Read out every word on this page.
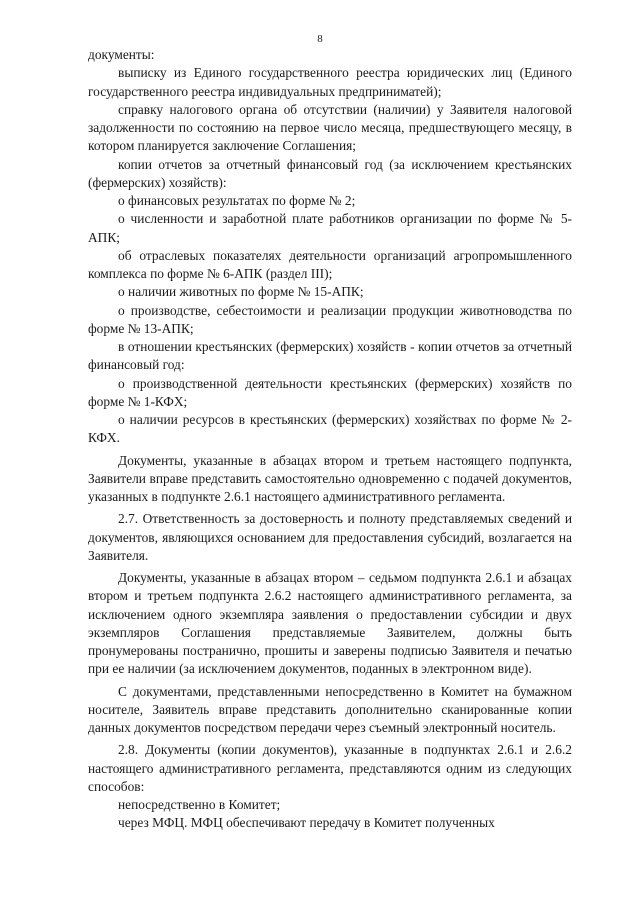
8

документы:

выписку из Единого государственного реестра юридических лиц (Единого государственного реестра индивидуальных предприниматей);

справку налогового органа об отсутствии (наличии) у Заявителя налоговой задолженности по состоянию на первое число месяца, предшествующего месяцу, в котором планируется заключение Соглашения;

копии отчетов за отчетный финансовый год (за исключением крестьянских (фермерских) хозяйств):

о финансовых результатах по форме № 2;

о численности и заработной плате работников организации по форме № 5-АПК;

об отраслевых показателях деятельности организаций агропромышленного комплекса по форме № 6-АПК (раздел III);

о наличии животных по форме № 15-АПК;

о производстве, себестоимости и реализации продукции животноводства по форме № 13-АПК;

в отношении крестьянских (фермерских) хозяйств - копии отчетов за отчетный финансовый год:

о производственной деятельности крестьянских (фермерских) хозяйств по форме № 1-КФХ;

о наличии ресурсов в крестьянских (фермерских) хозяйствах по форме № 2-КФХ.

Документы, указанные в абзацах втором и третьем настоящего подпункта, Заявители вправе представить самостоятельно одновременно с подачей документов, указанных в подпункте 2.6.1 настоящего административного регламента.

2.7. Ответственность за достоверность и полноту представляемых сведений и документов, являющихся основанием для предоставления субсидий, возлагается на Заявителя.

Документы, указанные в абзацах втором – седьмом подпункта 2.6.1 и абзацах втором и третьем подпункта 2.6.2 настоящего административного регламента, за исключением одного экземпляра заявления о предоставлении субсидии и двух экземпляров Соглашения представляемые Заявителем, должны быть пронумерованы постранично, прошиты и заверены подписью Заявителя и печатью при ее наличии (за исключением документов, поданных в электронном виде).

С документами, представленными непосредственно в Комитет на бумажном носителе, Заявитель вправе представить дополнительно сканированные копии данных документов посредством передачи через съемный электронный носитель.

2.8. Документы (копии документов), указанные в подпунктах 2.6.1 и 2.6.2 настоящего административного регламента, представляются одним из следующих способов:

непосредственно в Комитет;

через МФЦ. МФЦ обеспечивают передачу в Комитет полученных
